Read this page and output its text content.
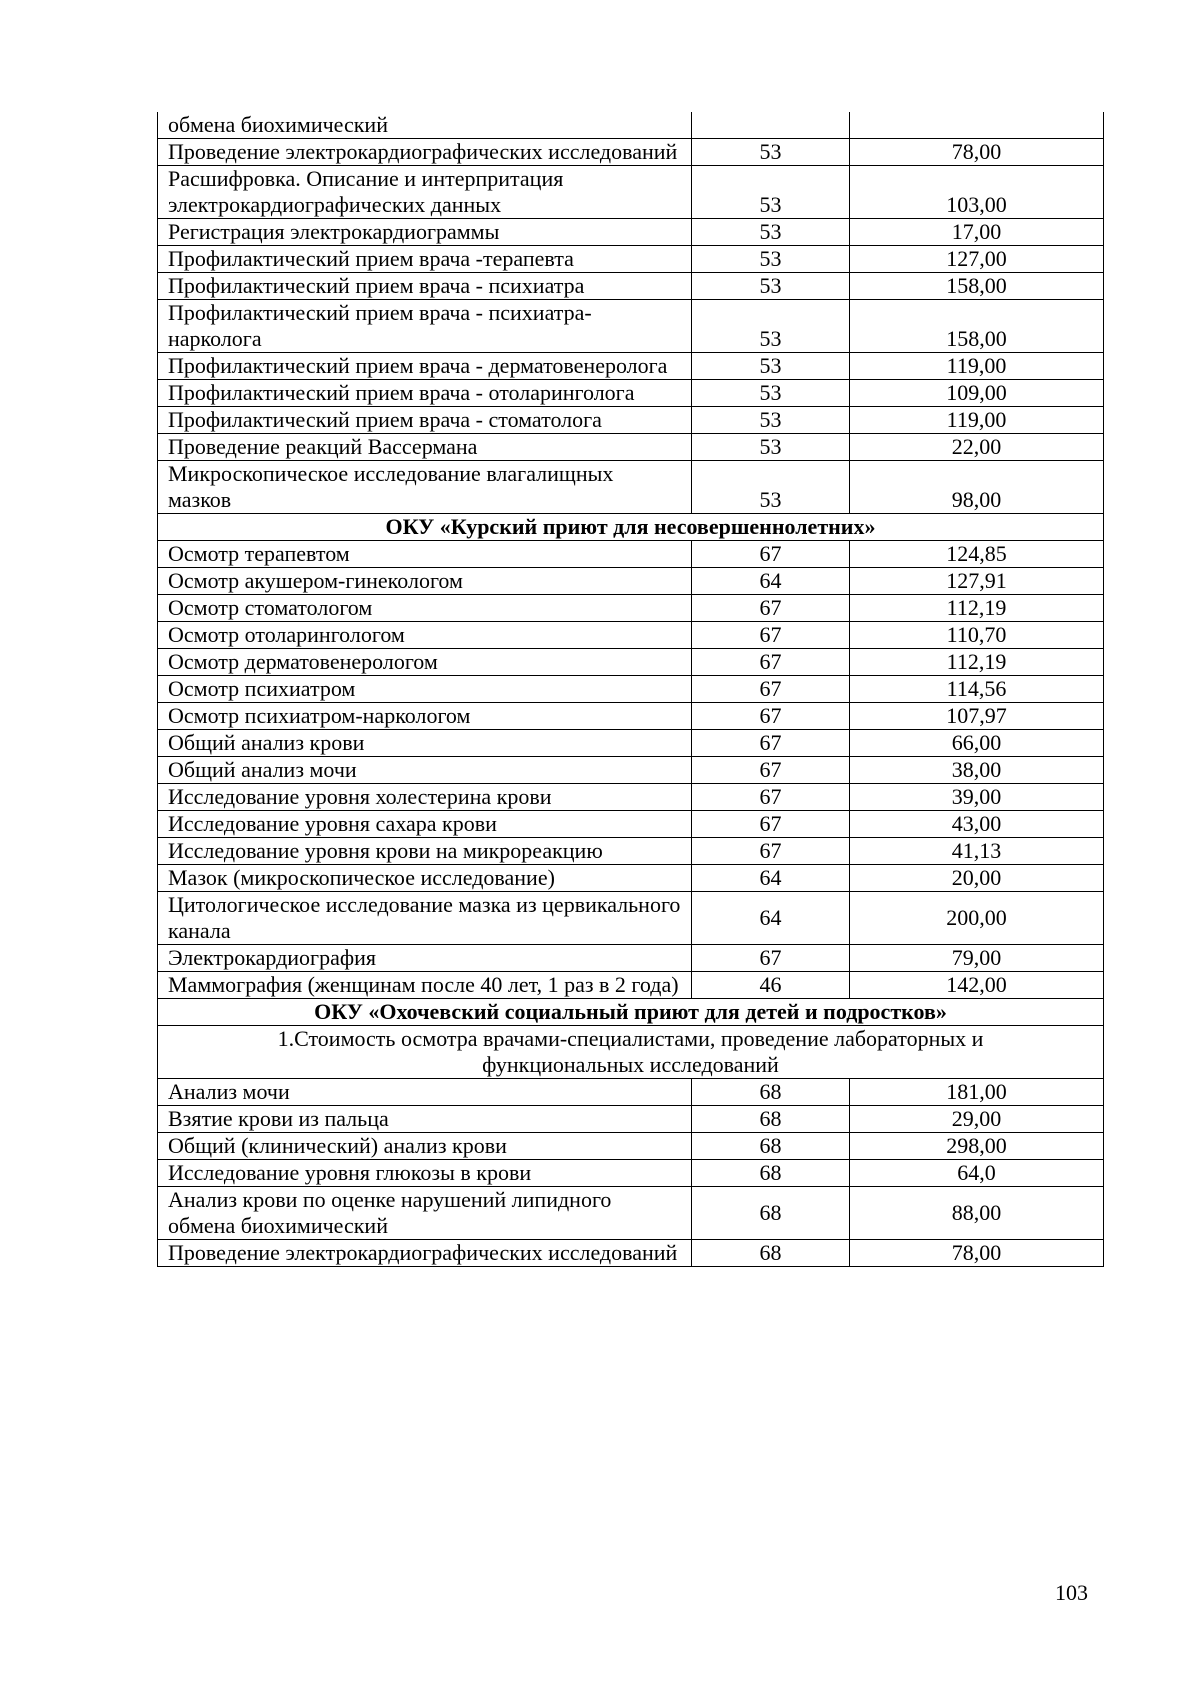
обмена биохимический		
Проведение электрокардиографических исследований	53	78,00
Расшифровка. Описание и интерпритация электрокардиографических данных	53	103,00
Регистрация электрокардиограммы	53	17,00
Профилактический прием врача -терапевта	53	127,00
Профилактический прием врача - психиатра	53	158,00
Профилактический прием врача - психиатра-нарколога	53	158,00
Профилактический прием врача - дерматовенеролога	53	119,00
Профилактический прием врача - отоларинголога	53	109,00
Профилактический прием врача - стоматолога	53	119,00
Проведение реакций Вассермана	53	22,00
Микроскопическое исследование влагалищных мазков	53	98,00
ОКУ «Курский приют для несовершеннолетних»		
Осмотр терапевтом	67	124,85
Осмотр акушером-гинекологом	64	127,91
Осмотр стоматологом	67	112,19
Осмотр отоларингологом	67	110,70
Осмотр дерматовенерологом	67	112,19
Осмотр психиатром	67	114,56
Осмотр психиатром-наркологом	67	107,97
Общий анализ крови	67	66,00
Общий анализ мочи	67	38,00
Исследование уровня холестерина крови	67	39,00
Исследование уровня сахара крови	67	43,00
Исследование уровня крови на микрореакцию	67	41,13
Мазок (микроскопическое исследование)	64	20,00
Цитологическое исследование мазка из цервикального канала	64	200,00
Электрокардиография	67	79,00
Маммография (женщинам после 40 лет, 1 раз в 2 года)	46	142,00
ОКУ «Охочевский социальный приют для детей и подростков»		
1.Стоимость осмотра врачами-специалистами, проведение лабораторных и функциональных исследований		
Анализ мочи	68	181,00
Взятие крови из пальца	68	29,00
Общий (клинический) анализ крови	68	298,00
Исследование уровня глюкозы в крови	68	64,0
Анализ крови по оценке нарушений липидного обмена биохимический	68	88,00
Проведение электрокардиографических исследований	68	78,00
103
